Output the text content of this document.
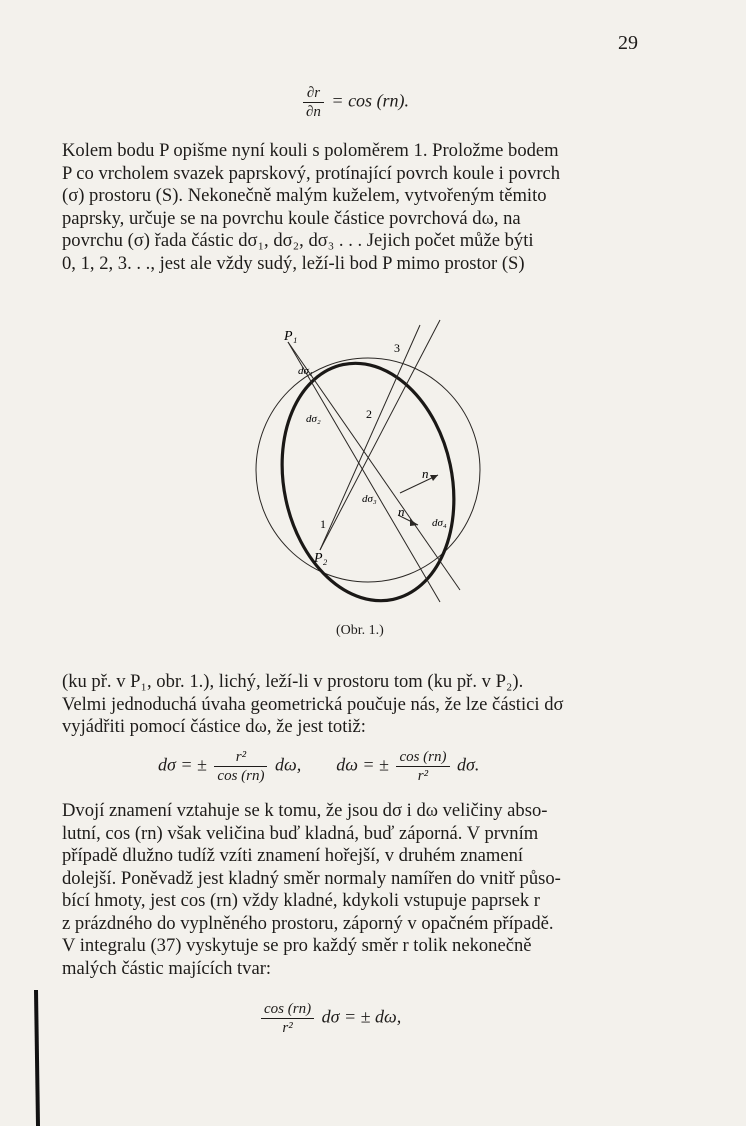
29
$\frac{\partial r}{\partial n} = \cos (rn)$.
Kolem bodu P opišme nyní kouli s poloměrem 1. Proložme bodem
P co vrcholem svazek paprskový, protínající povrch koule i povrch
(σ) prostoru (S). Nekonečně malým kuželem, vytvořeným těmito
paprsky, určuje se na povrchu koule částice povrchová dω, na
povrchu (σ) řada částic dσ₁, dσ₂, dσ₃ . . . Jejich počet může býti
0, 1, 2, 3. . ., jest ale vždy sudý, leží-li bod P mimo prostor (S)
P₁
P₂
dσ₁
dσ₂
dσ₃
dσ₄
n
n
1
2
3
(Obr. 1.)
(ku př. v P₁, obr. 1.), lichý, leží-li v prostoru tom (ku př. v P₂).
Velmi jednoduchá úvaha geometrická poučuje nás, že lze částici dσ
vyjádřiti pomocí částice dω, že jest totiž:
dσ = ± $\frac{\text{r²}}{\cos (rn)} d\omega$, dω = ± $\frac{\cos (rn)}{\text{r²}} d\sigma$.
Dvojí znamení vztahuje se k tomu, že jsou dσ i dω veličiny abso-
lutní, cos (rn) však veličina buď kladná, buď záporná. V prvním
případě dlužno tudíž vzíti znamení hořejší, v druhém znamení
dolejší. Poněvadž jest kladný směr normaly namířen do vnitř půso-
bící hmoty, jest cos (rn) vždy kladné, kdykoli vstupuje paprsek r
z prázdného do vyplněného prostoru, záporný v opačném případě.
V integralu (37) vyskytuje se pro každý směr r tolik nekonečně
malých částic majících tvar:
$\frac{\cos (rn)}{\text{r²}}$ dσ = ± dω,
